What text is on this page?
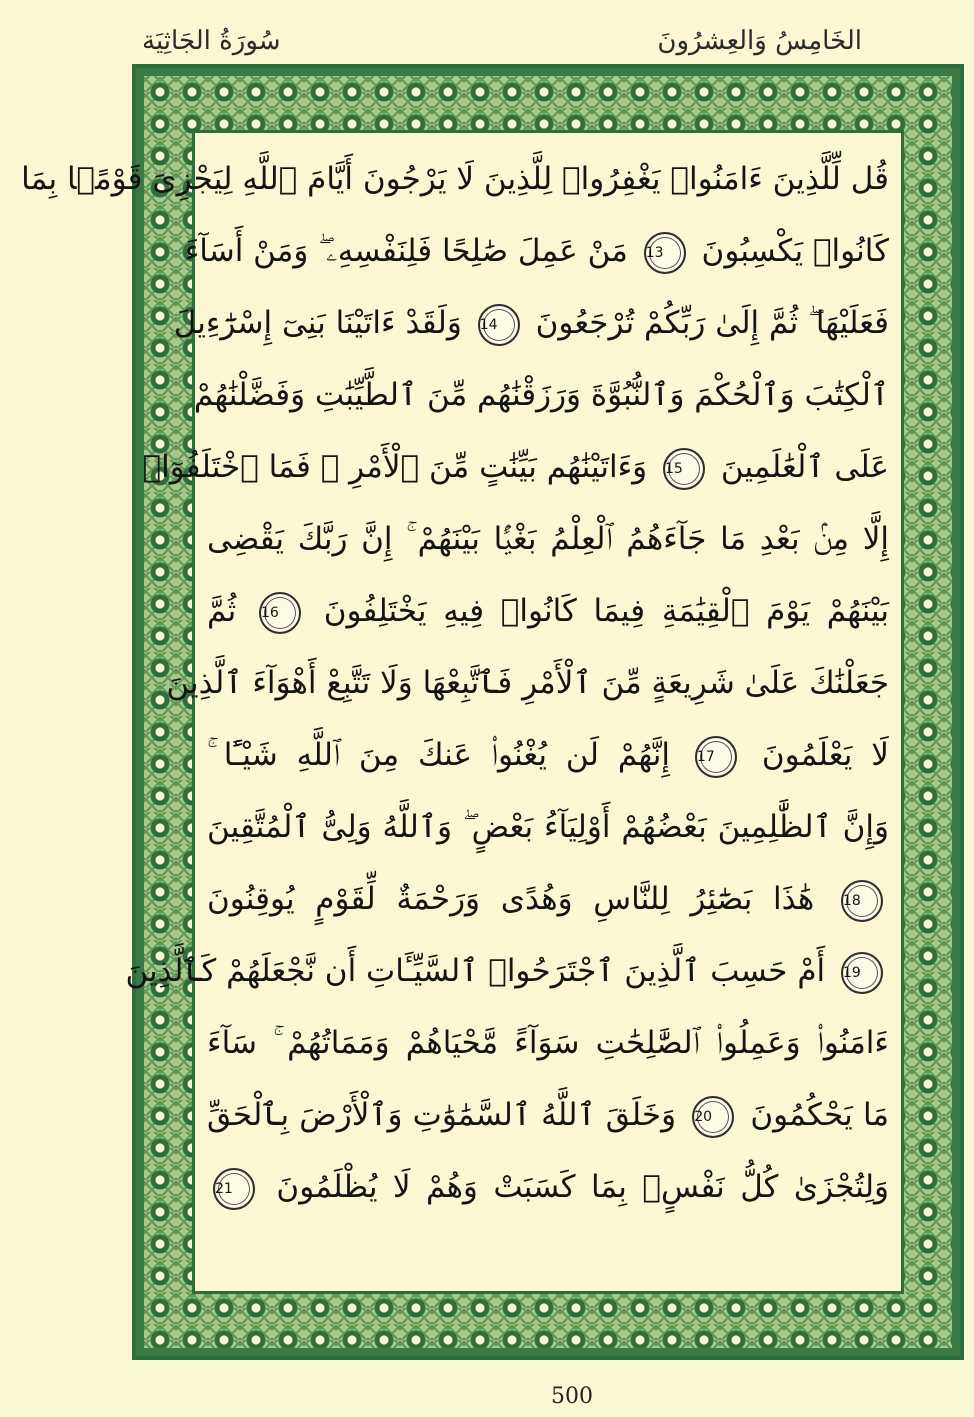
سُورَةُ الجَاثِيَة	الخَامِسُ وَالعِشرُونَ
قُل لِّلَّذِينَ ءَامَنُوا۟ يَغْفِرُوا۟ لِلَّذِينَ لَا يَرْجُونَ أَيَّامَ ٱللَّهِ لِيَجْزِىَ قَوْمًۢا بِمَا
كَانُوا۟ يَكْسِبُونَ 13 مَنْ عَمِلَ صَٰلِحًا فَلِنَفْسِهِۦ ۖ وَمَنْ أَسَآءَ
فَعَلَيْهَا ۖ ثُمَّ إِلَىٰ رَبِّكُمْ تُرْجَعُونَ 14 وَلَقَدْ ءَاتَيْنَا بَنِىٓ إِسْرَٰٓءِيلَ
ٱلْكِتَٰبَ وَٱلْحُكْمَ وَٱلنُّبُوَّةَ وَرَزَقْنَٰهُم مِّنَ ٱلطَّيِّبَٰتِ وَفَضَّلْنَٰهُمْ
عَلَى ٱلْعَٰلَمِينَ 15 وَءَاتَيْنَٰهُم بَيِّنَٰتٍ مِّنَ ٱلْأَمْرِ ۖ فَمَا ٱخْتَلَفُوٓا۟
إِلَّا مِنۢ بَعْدِ مَا جَآءَهُمُ ٱلْعِلْمُ بَغْيًۢا بَيْنَهُمْ ۚ إِنَّ رَبَّكَ يَقْضِى
بَيْنَهُمْ يَوْمَ ٱلْقِيَٰمَةِ فِيمَا كَانُوا۟ فِيهِ يَخْتَلِفُونَ 16 ثُمَّ
جَعَلْنَٰكَ عَلَىٰ شَرِيعَةٍ مِّنَ ٱلْأَمْرِ فَٱتَّبِعْهَا وَلَا تَتَّبِعْ أَهْوَآءَ ٱلَّذِينَ
لَا يَعْلَمُونَ 17 إِنَّهُمْ لَن يُغْنُوا۟ عَنكَ مِنَ ٱللَّهِ شَيْـًٔا ۚ
وَإِنَّ ٱلظَّٰلِمِينَ بَعْضُهُمْ أَوْلِيَآءُ بَعْضٍ ۖ وَٱللَّهُ وَلِىُّ ٱلْمُتَّقِينَ
18 هَٰذَا بَصَٰٓئِرُ لِلنَّاسِ وَهُدًى وَرَحْمَةٌ لِّقَوْمٍ يُوقِنُونَ
19 أَمْ حَسِبَ ٱلَّذِينَ ٱجْتَرَحُوا۟ ٱلسَّيِّـَٔاتِ أَن نَّجْعَلَهُمْ كَٱلَّذِينَ
ءَامَنُوا۟ وَعَمِلُوا۟ ٱلصَّٰلِحَٰتِ سَوَآءً مَّحْيَاهُمْ وَمَمَاتُهُمْ ۚ سَآءَ
مَا يَحْكُمُونَ 20 وَخَلَقَ ٱللَّهُ ٱلسَّمَٰوَٰتِ وَٱلْأَرْضَ بِٱلْحَقِّ
وَلِتُجْزَىٰ كُلُّ نَفْسٍۭ بِمَا كَسَبَتْ وَهُمْ لَا يُظْلَمُونَ 21
500
